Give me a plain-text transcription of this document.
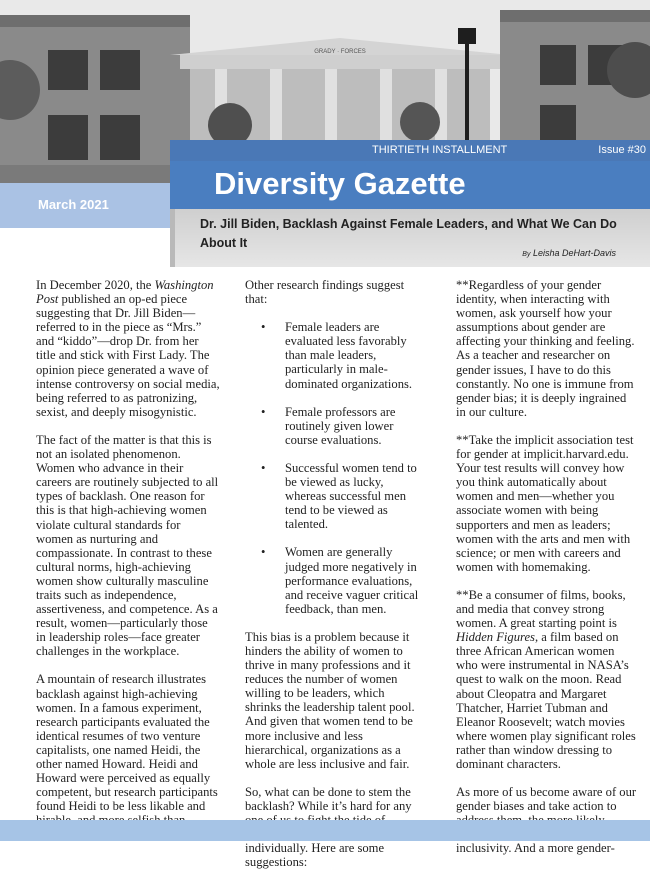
GRADY · FORCES
THIRTIETH INSTALLMENT	Issue #30
Diversity Gazette
March 2021
Dr. Jill Biden, Backlash Against Female Leaders, and What We Can Do About It
By Leisha DeHart-Davis

In December 2020, the Washington Post published an op-ed piece suggesting that Dr. Jill Biden—referred to in the piece as “Mrs.” and “kiddo”—drop Dr. from her title and stick with First Lady. The opinion piece generated a wave of intense controversy on social media, being referred to as patronizing, sexist, and deeply misogynistic.

The fact of the matter is that this is not an isolated phenomenon. Women who advance in their careers are routinely subjected to all types of backlash. One reason for this is that high-achieving women violate cultural standards for women as nurturing and compassionate. In contrast to these cultural norms, high-achieving women show culturally masculine traits such as independence, assertiveness, and competence. As a result, women—particularly those in leadership roles—face greater challenges in the workplace.

A mountain of research illustrates backlash against high-achieving women. In a famous experiment, research participants evaluated the identical resumes of two venture capitalists, one named Heidi, the other named Howard. Heidi and Howard were perceived as equally competent, but research participants found Heidi to be less likable and

Other research findings suggest that:

• Female leaders are evaluated less favorably than male leaders, particularly in male-dominated organizations.
• Female professors are routinely given lower course evaluations.
• Successful women tend to be viewed as lucky, whereas successful men tend to be viewed as talented.
• Women are generally judged more negatively in performance evaluations, and receive vaguer critical feedback, than men.

This bias is a problem because it hinders the ability of women to thrive in many professions and it reduces the number of women willing to be leaders, which shrinks the leadership talent pool. And given that women tend to be more inclusive and less hierarchical, organizations as a whole are less inclusive and fair.

So, what can be done to stem the backlash? While it’s hard for any individually. Here are some suggestions:

**Regardless of your gender identity, when interacting with women, ask yourself how your assumptions about gender are affecting your thinking and feeling. As a teacher and researcher on gender issues, I have to do this constantly. No one is immune from gender bias; it is deeply ingrained in our culture.

**Take the implicit association test for gender at implicit.harvard.edu. Your test results will convey how you think automatically about women and men—whether you associate women with being supporters and men as leaders; women with the arts and men with science; or men with careers and women with homemaking.

**Be a consumer of films, books, and media that convey strong women. A great starting point is Hidden Figures, a film based on three African American women who were instrumental in NASA’s quest to walk on the moon. Read about Cleopatra and Margaret Thatcher, Harriet Tubman and Eleanor Roosevelt; watch movies where women play significant roles rather than window dressing to dominant characters.

As more of us become aware of our gender biases and take action to inclusivity. And a more gender-
